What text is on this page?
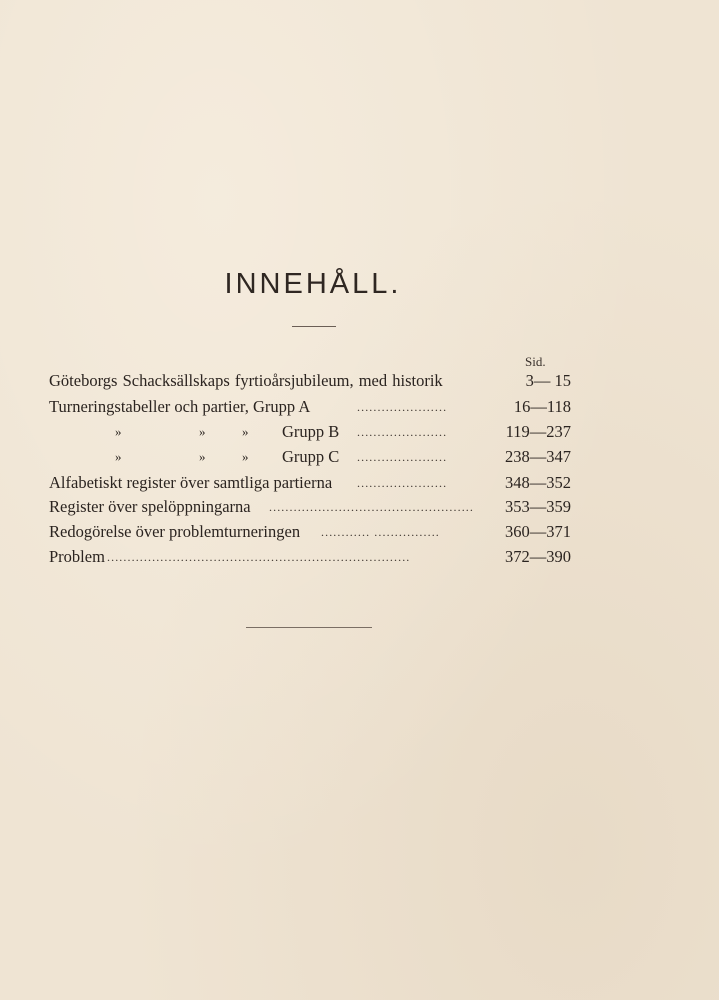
INNEHÅLL.
Sid.
Göteborgs Schacksällskaps fyrtioårsjubileum, med historik	3— 15
Turneringstabeller och partier, Grupp A	......................	16—118
»	»	» Grupp B ......................	119—237
»	»	» Grupp C ......................	238—347
Alfabetiskt register över samtliga partierna ......................	348—352
Register över spelöppningarna ..................................................	353—359
Redogörelse över problemturneringen ............ ................	360—371
Problem ..........................................................................	372—390
